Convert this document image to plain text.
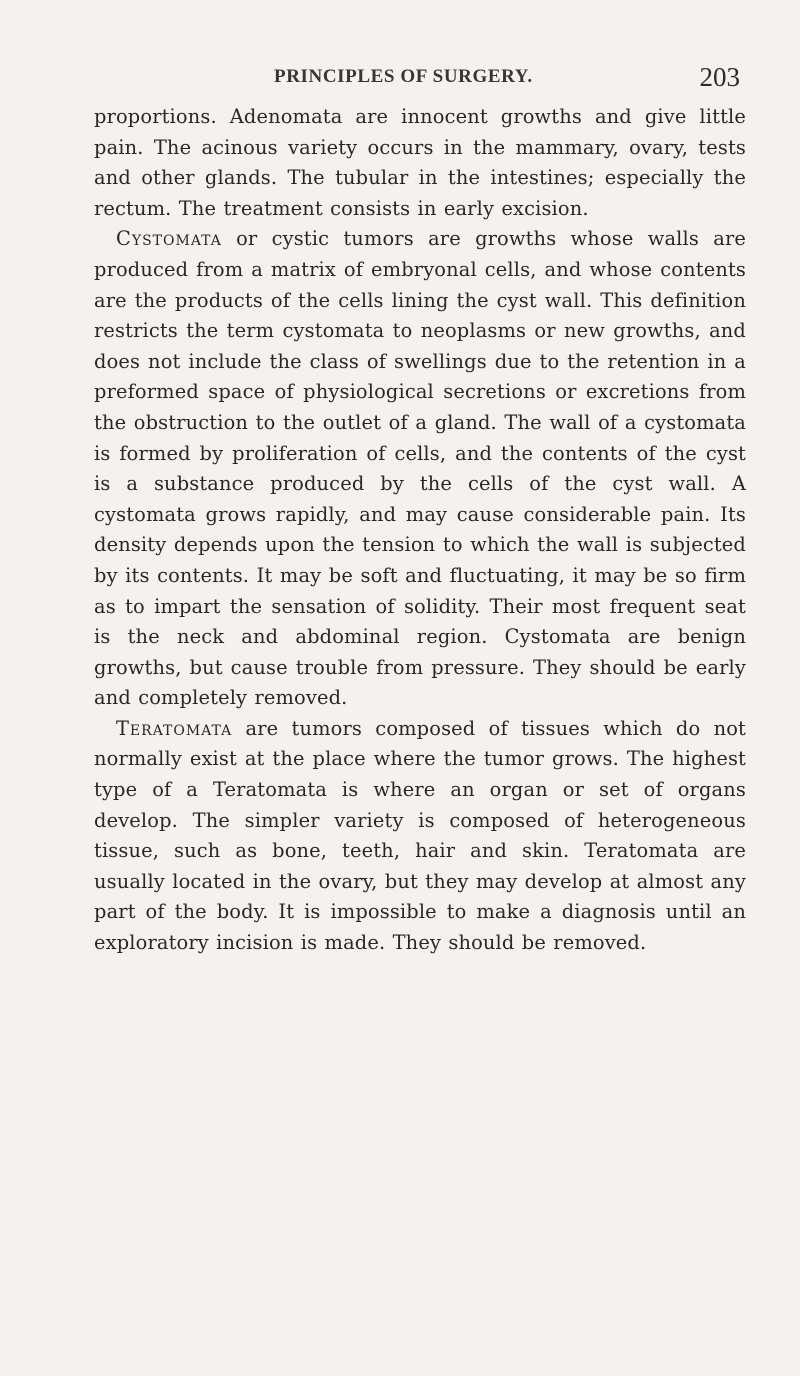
PRINCIPLES OF SURGERY.	203

proportions. Adenomata are innocent growths and give little pain. The acinous variety occurs in the mammary, ovary, tests and other glands. The tubular in the intestines; especially the rectum. The treatment consists in early excision.

Cystomata or cystic tumors are growths whose walls are produced from a matrix of embryonal cells, and whose contents are the products of the cells lining the cyst wall. This definition restricts the term cystomata to neoplasms or new growths, and does not include the class of swellings due to the retention in a preformed space of physiological secretions or excretions from the obstruction to the outlet of a gland. The wall of a cystomata is formed by proliferation of cells, and the contents of the cyst is a substance produced by the cells of the cyst wall. A cystomata grows rapidly, and may cause considerable pain. Its density depends upon the tension to which the wall is subjected by its contents. It may be soft and fluctuating, it may be so firm as to impart the sensation of solidity. Their most frequent seat is the neck and abdominal region. Cystomata are benign growths, but cause trouble from pressure. They should be early and completely removed.

Teratomata are tumors composed of tissues which do not normally exist at the place where the tumor grows. The highest type of a Teratomata is where an organ or set of organs develop. The simpler variety is composed of heterogeneous tissue, such as bone, teeth, hair and skin. Teratomata are usually located in the ovary, but they may develop at almost any part of the body. It is impossible to make a diagnosis until an exploratory incision is made. They should be removed.
